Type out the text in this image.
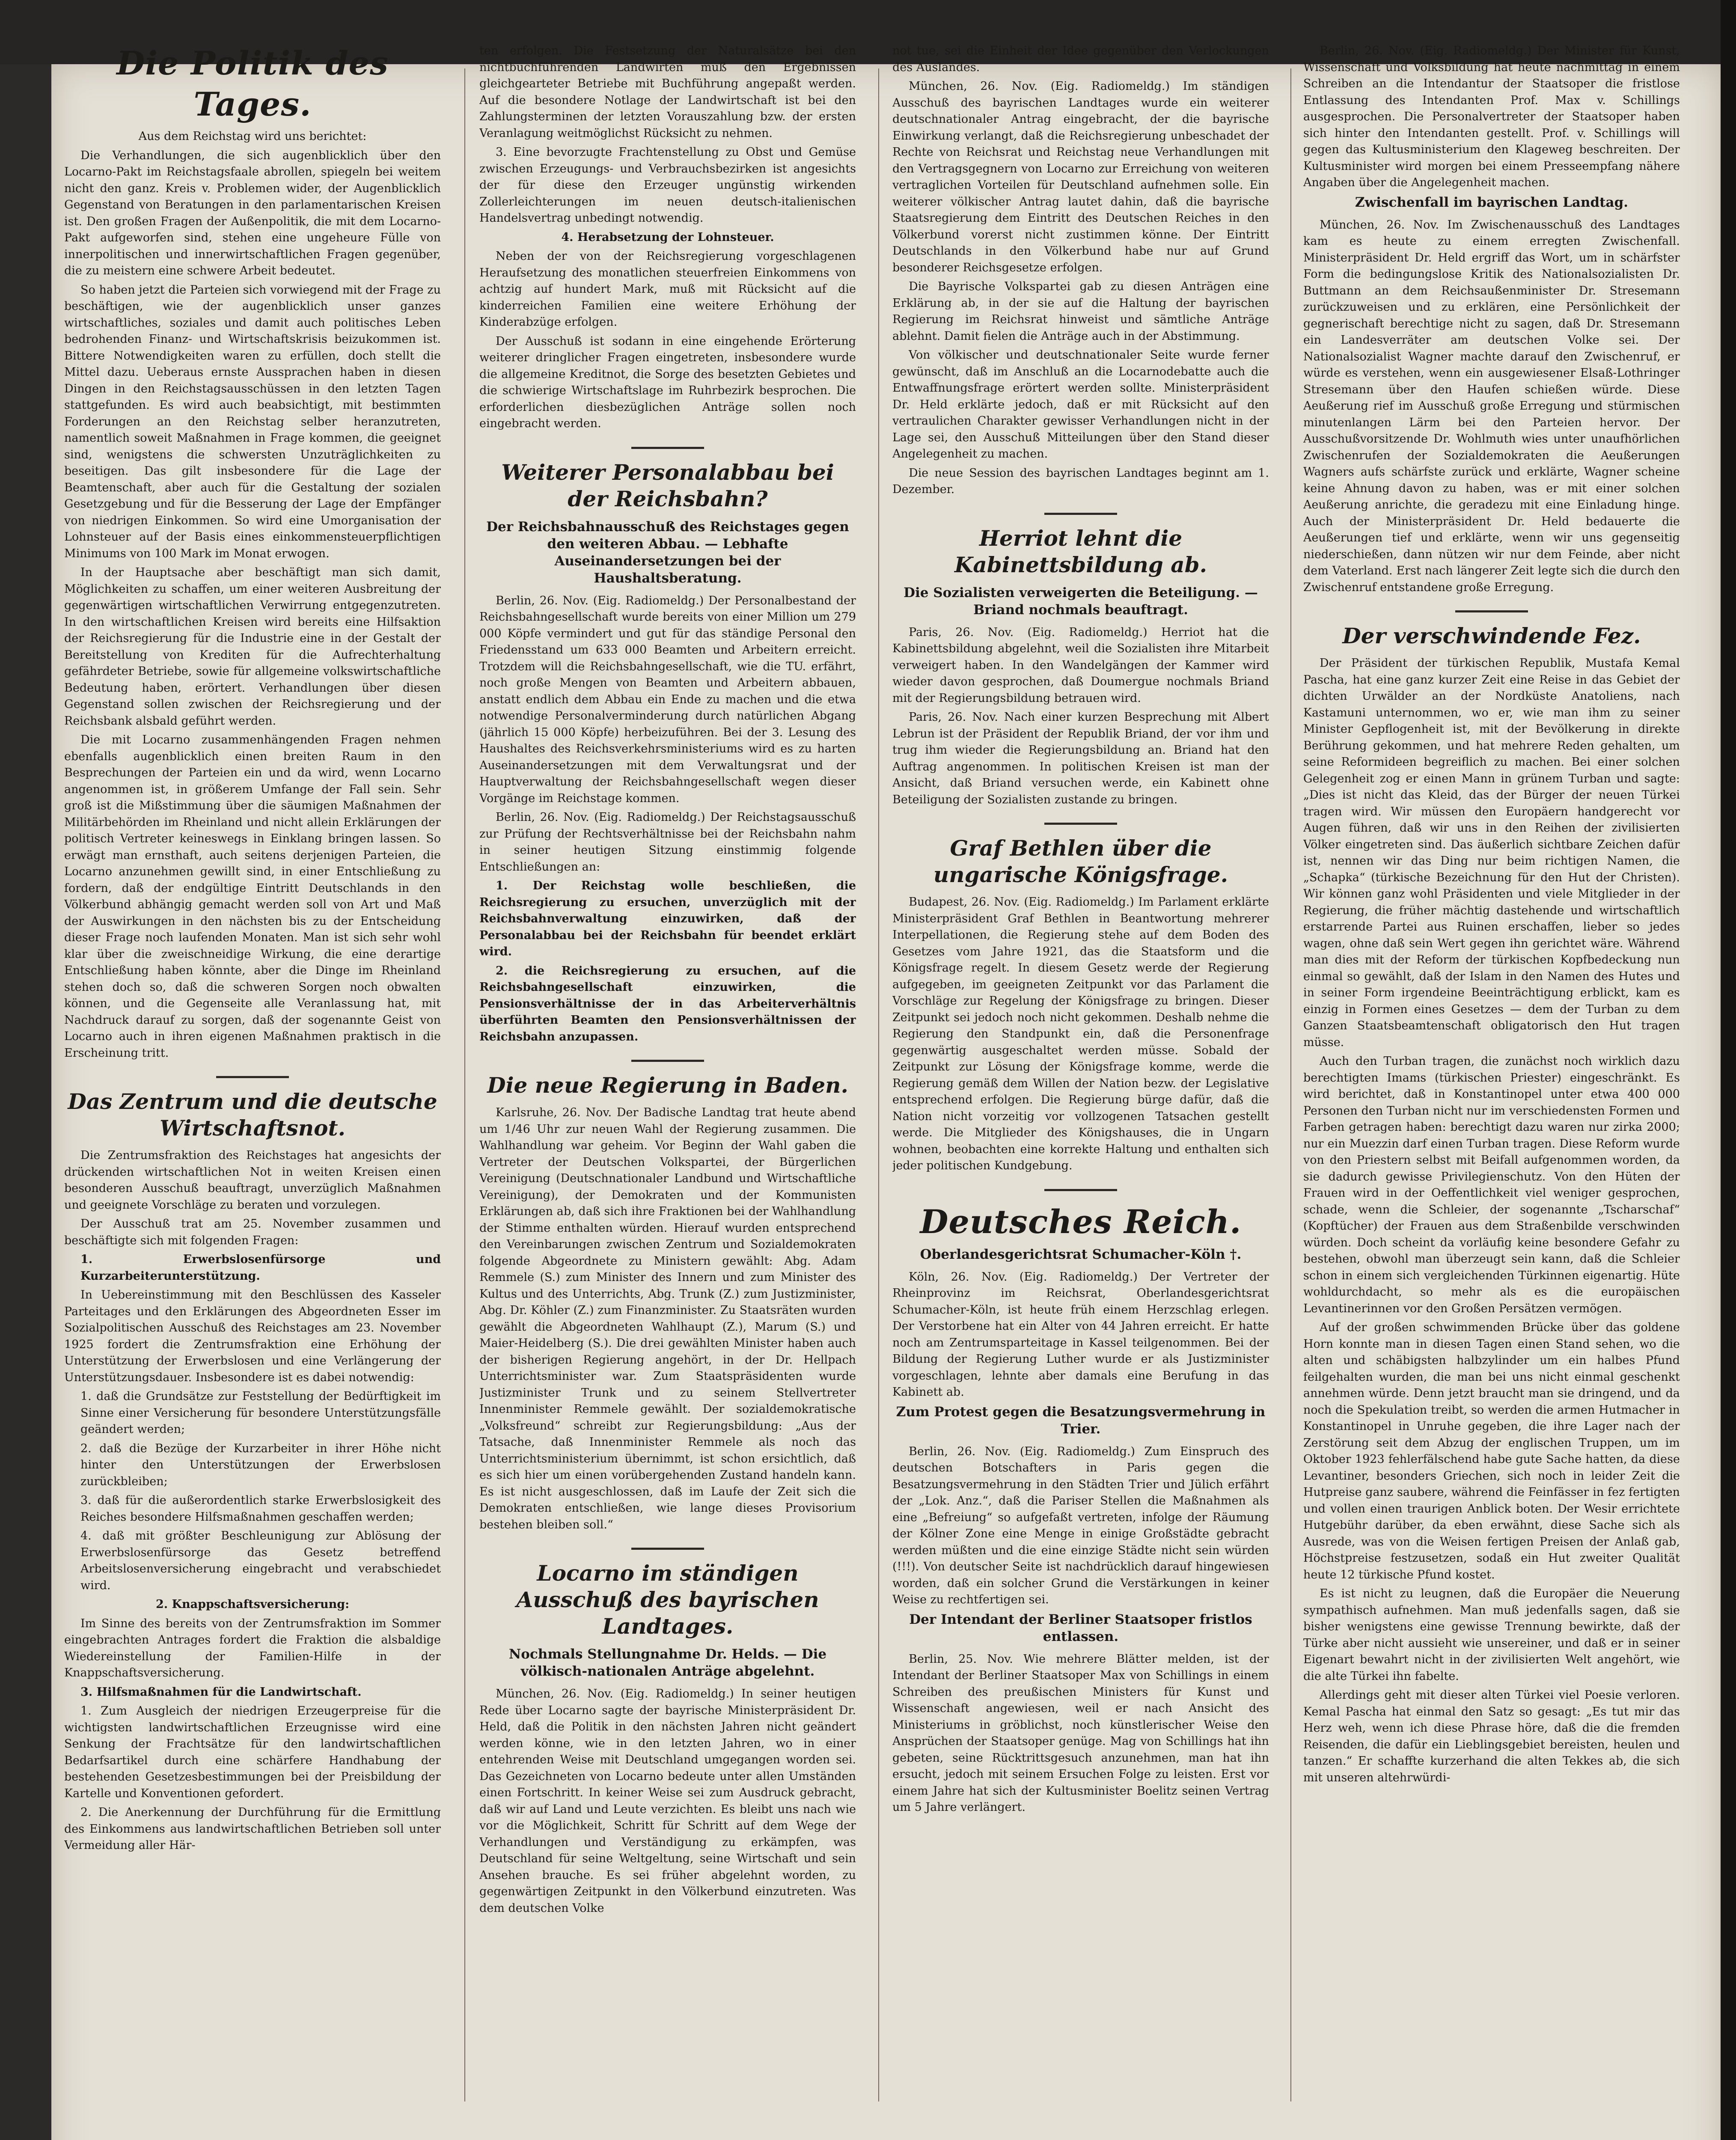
Die Politik des Tages.

Aus dem Reichstag wird uns berichtet:

Die Verhandlungen, die sich augenblicklich über den Locarno-Pakt im Reichstagsfaale abrollen, spiegeln bei weitem nicht den ganz. Kreis v. Problemen wider, der Augenblicklich Gegenstand von Beratungen in den parlamentarischen Kreisen ist. Den großen Fragen der Außenpolitik, die mit dem Locarno-Pakt aufgeworfen sind, stehen eine ungeheure Fülle von innerpolitischen und innerwirtschaftlichen Fragen gegenüber, die zu meistern eine schwere Arbeit bedeutet.

So haben jetzt die Parteien sich vorwiegend mit der Frage zu beschäftigen, wie der augenblicklich unser ganzes wirtschaftliches, soziales und damit auch politisches Leben bedrohenden Finanz- und Wirtschaftskrisis beizukommen ist. Bittere Notwendigkeiten waren zu erfüllen, doch stellt die Mittel dazu. Ueberaus ernste Aussprachen haben in diesen Dingen in den Reichstagsausschüssen in den letzten Tagen stattgefunden. Es wird auch beabsichtigt, mit bestimmten Forderungen an den Reichstag selber heranzutreten, namentlich soweit Maßnahmen in Frage kommen, die geeignet sind, wenigstens die schwersten Unzuträglichkeiten zu beseitigen. Das gilt insbesondere für die Lage der Beamtenschaft, aber auch für die Gestaltung der sozialen Gesetzgebung und für die Besserung der Lage der Empfänger von niedrigen Einkommen. So wird eine Umorganisation der Lohnsteuer auf der Basis eines einkommensteuerpflichtigen Minimums von 100 Mark im Monat erwogen.

In der Hauptsache aber beschäftigt man sich damit, Möglichkeiten zu schaffen, um einer weiteren Ausbreitung der gegenwärtigen wirtschaftlichen Verwirrung entgegenzutreten. In den wirtschaftlichen Kreisen wird bereits eine Hilfsaktion der Reichsregierung für die Industrie eine in der Gestalt der Bereitstellung von Krediten für die Aufrechterhaltung gefährdeter Betriebe, sowie für allgemeine volkswirtschaftliche Bedeutung haben, erörtert. Verhandlungen über diesen Gegenstand sollen zwischen der Reichsregierung und der Reichsbank alsbald geführt werden.

Die mit Locarno zusammenhängenden Fragen nehmen ebenfalls augenblicklich einen breiten Raum in den Besprechungen der Parteien ein und da wird, wenn Locarno angenommen ist, in größerem Umfange der Fall sein. Sehr groß ist die Mißstimmung über die säumigen Maßnahmen der Militärbehörden im Rheinland und nicht allein Erklärungen der politisch Vertreter keineswegs in Einklang bringen lassen. So erwägt man ernsthaft, auch seitens derjenigen Parteien, die Locarno anzunehmen gewillt sind, in einer Entschließung zu fordern, daß der endgültige Eintritt Deutschlands in den Völkerbund abhängig gemacht werden soll von Art und Maß der Auswirkungen in den nächsten bis zu der Entscheidung dieser Frage noch laufenden Monaten. Man ist sich sehr wohl klar über die zweischneidige Wirkung, die eine derartige Entschließung haben könnte, aber die Dinge im Rheinland stehen doch so, daß die schweren Sorgen noch obwalten können, und die Gegenseite alle Veranlassung hat, mit Nachdruck darauf zu sorgen, daß der sogenannte Geist von Locarno auch in ihren eigenen Maßnahmen praktisch in die Erscheinung tritt.

Das Zentrum und die deutsche Wirtschaftsnot.

Die Zentrumsfraktion des Reichstages hat angesichts der drückenden wirtschaftlichen Not in weiten Kreisen einen besonderen Ausschuß beauftragt, unverzüglich Maßnahmen und geeignete Vorschläge zu beraten und vorzulegen.

Der Ausschuß trat am 25. November zusammen und beschäftigte sich mit folgenden Fragen:

1. Erwerbslosenfürsorge und Kurzarbeiterunterstützung.

In Uebereinstimmung mit den Beschlüssen des Kasseler Parteitages und den Erklärungen des Abgeordneten Esser im Sozialpolitischen Ausschuß des Reichstages am 23. November 1925 fordert die Zentrumsfraktion eine Erhöhung der Unterstützung der Erwerbslosen und eine Verlängerung der Unterstützungsdauer. Insbesondere ist es dabei notwendig:

1. daß die Grundsätze zur Feststellung der Bedürftigkeit im Sinne einer Versicherung für besondere Unterstützungsfälle geändert werden;

2. daß die Bezüge der Kurzarbeiter in ihrer Höhe nicht hinter den Unterstützungen der Erwerbslosen zurückbleiben;

3. daß für die außerordentlich starke Erwerbslosigkeit des Reiches besondere Hilfsmaßnahmen geschaffen werden;

4. daß mit größter Beschleunigung zur Ablösung der Erwerbslosenfürsorge das Gesetz betreffend Arbeitslosenversicherung eingebracht und verabschiedet wird.

2. Knappschaftsversicherung:

Im Sinne des bereits von der Zentrumsfraktion im Sommer eingebrachten Antrages fordert die Fraktion die alsbaldige Wiedereinstellung der Familien-Hilfe in der Knappschaftsversicherung.

3. Hilfsmaßnahmen für die Landwirtschaft.

1. Zum Ausgleich der niedrigen Erzeugerpreise für die wichtigsten landwirtschaftlichen Erzeugnisse wird eine Senkung der Frachtsätze für den landwirtschaftlichen Bedarfsartikel durch eine schärfere Handhabung der bestehenden Gesetzesbestimmungen bei der Preisbildung der Kartelle und Konventionen gefordert.

2. Die Anerkennung der Durchführung für die Ermittlung des Einkommens aus landwirtschaftlichen Betrieben soll unter Vermeidung aller Här-

ten erfolgen. Die Festsetzung der Naturalsätze bei den nichtbuchführenden Landwirten muß den Ergebnissen gleichgearteter Betriebe mit Buchführung angepaßt werden. Auf die besondere Notlage der Landwirtschaft ist bei den Zahlungsterminen der letzten Vorauszahlung bzw. der ersten Veranlagung weitmöglichst Rücksicht zu nehmen.

3. Eine bevorzugte Frachtenstellung zu Obst und Gemüse zwischen Erzeugungs- und Verbrauchsbezirken ist angesichts der für diese den Erzeuger ungünstig wirkenden Zollerleichterungen im neuen deutsch-italienischen Handelsvertrag unbedingt notwendig.

4. Herabsetzung der Lohnsteuer.

Neben der von der Reichsregierung vorgeschlagenen Heraufsetzung des monatlichen steuerfreien Einkommens von achtzig auf hundert Mark, muß mit Rücksicht auf die kinderreichen Familien eine weitere Erhöhung der Kinderabzüge erfolgen.

Der Ausschuß ist sodann in eine eingehende Erörterung weiterer dringlicher Fragen eingetreten, insbesondere wurde die allgemeine Kreditnot, die Sorge des besetzten Gebietes und die schwierige Wirtschaftslage im Ruhrbezirk besprochen. Die erforderlichen diesbezüglichen Anträge sollen noch eingebracht werden.

Weiterer Personalabbau bei der Reichsbahn?
Der Reichsbahnausschuß des Reichstages gegen den weiteren Abbau. — Lebhafte Auseinandersetzungen bei der Haushaltsberatung.

Berlin, 26. Nov. (Eig. Radiomeldg.) Der Personalbestand der Reichsbahngesellschaft wurde bereits von einer Million um 279 000 Köpfe vermindert und gut für das ständige Personal den Friedensstand um 633 000 Beamten und Arbeitern erreicht. Trotzdem will die Reichsbahngesellschaft, wie die TU. erfährt, noch große Mengen von Beamten und Arbeitern abbauen, anstatt endlich dem Abbau ein Ende zu machen und die etwa notwendige Personalverminderung durch natürlichen Abgang (jährlich 15 000 Köpfe) herbeizuführen. Bei der 3. Lesung des Haushaltes des Reichsverkehrsministeriums wird es zu harten Auseinandersetzungen mit dem Verwaltungsrat und der Hauptverwaltung der Reichsbahngesellschaft wegen dieser Vorgänge im Reichstage kommen.

Berlin, 26. Nov. (Eig. Radiomeldg.) Der Reichstagsausschuß zur Prüfung der Rechtsverhältnisse bei der Reichsbahn nahm in seiner heutigen Sitzung einstimmig folgende Entschließungen an:

1. Der Reichstag wolle beschließen, die Reichsregierung zu ersuchen, unverzüglich mit der Reichsbahnverwaltung einzuwirken, daß der Personalabbau bei der Reichsbahn für beendet erklärt wird.

2. die Reichsregierung zu ersuchen, auf die Reichsbahngesellschaft einzuwirken, die Pensionsverhältnisse der in das Arbeiterverhältnis überführten Beamten den Pensionsverhältnissen der Reichsbahn anzupassen.

Die neue Regierung in Baden.

Karlsruhe, 26. Nov. Der Badische Landtag trat heute abend um 1/46 Uhr zur neuen Wahl der Regierung zusammen. Die Wahlhandlung war geheim. Vor Beginn der Wahl gaben die Vertreter der Deutschen Volkspartei, der Bürgerlichen Vereinigung (Deutschnationaler Landbund und Wirtschaftliche Vereinigung), der Demokraten und der Kommunisten Erklärungen ab, daß sich ihre Fraktionen bei der Wahlhandlung der Stimme enthalten würden. Hierauf wurden entsprechend den Vereinbarungen zwischen Zentrum und Sozialdemokraten folgende Abgeordnete zu Ministern gewählt: Abg. Adam Remmele (S.) zum Minister des Innern und zum Minister des Kultus und des Unterrichts, Abg. Trunk (Z.) zum Justizminister, Abg. Dr. Köhler (Z.) zum Finanzminister. Zu Staatsräten wurden gewählt die Abgeordneten Wahlhaupt (Z.), Marum (S.) und Maier-Heidelberg (S.). Die drei gewählten Minister haben auch der bisherigen Regierung angehört, in der Dr. Hellpach Unterrichtsminister war. Zum Staatspräsidenten wurde Justizminister Trunk und zu seinem Stellvertreter Innenminister Remmele gewählt. Der sozialdemokratische „Volksfreund“ schreibt zur Regierungsbildung: „Aus der Tatsache, daß Innenminister Remmele als noch das Unterrichtsministerium übernimmt, ist schon ersichtlich, daß es sich hier um einen vorübergehenden Zustand handeln kann. Es ist nicht ausgeschlossen, daß im Laufe der Zeit sich die Demokraten entschließen, wie lange dieses Provisorium bestehen bleiben soll.“

Locarno im ständigen Ausschuß des bayrischen Landtages.
Nochmals Stellungnahme Dr. Helds. — Die völkisch-nationalen Anträge abgelehnt.

München, 26. Nov. (Eig. Radiomeldg.) In seiner heutigen Rede über Locarno sagte der bayrische Ministerpräsident Dr. Held, daß die Politik in den nächsten Jahren nicht geändert werden könne, wie in den letzten Jahren, wo in einer entehrenden Weise mit Deutschland umgegangen worden sei. Das Gezeichneten von Locarno bedeute unter allen Umständen einen Fortschritt. In keiner Weise sei zum Ausdruck gebracht, daß wir auf Land und Leute verzichten. Es bleibt uns nach wie vor die Möglichkeit, Schritt für Schritt auf dem Wege der Verhandlungen und Verständigung zu erkämpfen, was Deutschland für seine Weltgeltung, seine Wirtschaft und sein Ansehen brauche. Es sei früher abgelehnt worden, zu gegenwärtigen Zeitpunkt in den Völkerbund einzutreten. Was dem deutschen Volke

not tue, sei die Einheit der Idee gegenüber den Verlockungen des Auslandes.

München, 26. Nov. (Eig. Radiomeldg.) Im ständigen Ausschuß des bayrischen Landtages wurde ein weiterer deutschnationaler Antrag eingebracht, der die bayrische Einwirkung verlangt, daß die Reichsregierung unbeschadet der Rechte von Reichsrat und Reichstag neue Verhandlungen mit den Vertragsgegnern von Locarno zur Erreichung von weiteren vertraglichen Vorteilen für Deutschland aufnehmen solle. Ein weiterer völkischer Antrag lautet dahin, daß die bayrische Staatsregierung dem Eintritt des Deutschen Reiches in den Völkerbund vorerst nicht zustimmen könne. Der Eintritt Deutschlands in den Völkerbund habe nur auf Grund besonderer Reichsgesetze erfolgen.

Die Bayrische Volkspartei gab zu diesen Anträgen eine Erklärung ab, in der sie auf die Haltung der bayrischen Regierung im Reichsrat hinweist und sämtliche Anträge ablehnt. Damit fielen die Anträge auch in der Abstimmung.

Von völkischer und deutschnationaler Seite wurde ferner gewünscht, daß im Anschluß an die Locarnodebatte auch die Entwaffnungsfrage erörtert werden sollte. Ministerpräsident Dr. Held erklärte jedoch, daß er mit Rücksicht auf den vertraulichen Charakter gewisser Verhandlungen nicht in der Lage sei, den Ausschuß Mitteilungen über den Stand dieser Angelegenheit zu machen.

Die neue Session des bayrischen Landtages beginnt am 1. Dezember.

Herriot lehnt die Kabinettsbildung ab.
Die Sozialisten verweigerten die Beteiligung. — Briand nochmals beauftragt.

Paris, 26. Nov. (Eig. Radiomeldg.) Herriot hat die Kabinettsbildung abgelehnt, weil die Sozialisten ihre Mitarbeit verweigert haben. In den Wandelgängen der Kammer wird wieder davon gesprochen, daß Doumergue nochmals Briand mit der Regierungsbildung betrauen wird.

Paris, 26. Nov. Nach einer kurzen Besprechung mit Albert Lebrun ist der Präsident der Republik Briand, der vor ihm und trug ihm wieder die Regierungsbildung an. Briand hat den Auftrag angenommen. In politischen Kreisen ist man der Ansicht, daß Briand versuchen werde, ein Kabinett ohne Beteiligung der Sozialisten zustande zu bringen.

Graf Bethlen über die ungarische Königsfrage.

Budapest, 26. Nov. (Eig. Radiomeldg.) Im Parlament erklärte Ministerpräsident Graf Bethlen in Beantwortung mehrerer Interpellationen, die Regierung stehe auf dem Boden des Gesetzes vom Jahre 1921, das die Staatsform und die Königsfrage regelt. In diesem Gesetz werde der Regierung aufgegeben, im geeigneten Zeitpunkt vor das Parlament die Vorschläge zur Regelung der Königsfrage zu bringen. Dieser Zeitpunkt sei jedoch noch nicht gekommen. Deshalb nehme die Regierung den Standpunkt ein, daß die Personenfrage gegenwärtig ausgeschaltet werden müsse. Sobald der Zeitpunkt zur Lösung der Königsfrage komme, werde die Regierung gemäß dem Willen der Nation bezw. der Legislative entsprechend erfolgen. Die Regierung bürge dafür, daß die Nation nicht vorzeitig vor vollzogenen Tatsachen gestellt werde. Die Mitglieder des Königshauses, die in Ungarn wohnen, beobachten eine korrekte Haltung und enthalten sich jeder politischen Kundgebung.

Deutsches Reich.
Oberlandesgerichtsrat Schumacher-Köln †.

Köln, 26. Nov. (Eig. Radiomeldg.) Der Vertreter der Rheinprovinz im Reichsrat, Oberlandesgerichtsrat Schumacher-Köln, ist heute früh einem Herzschlag erlegen. Der Verstorbene hat ein Alter von 44 Jahren erreicht. Er hatte noch am Zentrumsparteitage in Kassel teilgenommen. Bei der Bildung der Regierung Luther wurde er als Justizminister vorgeschlagen, lehnte aber damals eine Berufung in das Kabinett ab.

Zum Protest gegen die Besatzungsvermehrung in Trier.

Berlin, 26. Nov. (Eig. Radiomeldg.) Zum Einspruch des deutschen Botschafters in Paris gegen die Besatzungsvermehrung in den Städten Trier und Jülich erfährt der „Lok. Anz.“, daß die Pariser Stellen die Maßnahmen als eine „Befreiung“ so aufgefaßt vertreten, infolge der Räumung der Kölner Zone eine Menge in einige Großstädte gebracht werden müßten und die eine einzige Städte nicht sein würden (!!!). Von deutscher Seite ist nachdrücklich darauf hingewiesen worden, daß ein solcher Grund die Verstärkungen in keiner Weise zu rechtfertigen sei.

Der Intendant der Berliner Staatsoper fristlos entlassen.

Berlin, 25. Nov. Wie mehrere Blätter melden, ist der Intendant der Berliner Staatsoper Max von Schillings in einem Schreiben des preußischen Ministers für Kunst und Wissenschaft angewiesen, weil er nach Ansicht des Ministeriums in gröblichst, noch künstlerischer Weise den Ansprüchen der Staatsoper genüge. Mag von Schillings hat ihn gebeten, seine Rücktrittsgesuch anzunehmen, man hat ihn ersucht, jedoch mit seinem Ersuchen Folge zu leisten. Erst vor einem Jahre hat sich der Kultusminister Boelitz seinen Vertrag um 5 Jahre verlängert.

Berlin, 26. Nov. (Eig. Radiomeldg.) Der Minister für Kunst, Wissenschaft und Volksbildung hat heute nachmittag in einem Schreiben an die Intendantur der Staatsoper die fristlose Entlassung des Intendanten Prof. Max v. Schillings ausgesprochen. Die Personalvertreter der Staatsoper haben sich hinter den Intendanten gestellt. Prof. v. Schillings will gegen das Kultusministerium den Klageweg beschreiten. Der Kultusminister wird morgen bei einem Presseempfang nähere Angaben über die Angelegenheit machen.

Zwischenfall im bayrischen Landtag.

München, 26. Nov. Im Zwischenausschuß des Landtages kam es heute zu einem erregten Zwischenfall. Ministerpräsident Dr. Held ergriff das Wort, um in schärfster Form die bedingungslose Kritik des Nationalsozialisten Dr. Buttmann an dem Reichsaußenminister Dr. Stresemann zurückzuweisen und zu erklären, eine Persönlichkeit der gegnerischaft berechtige nicht zu sagen, daß Dr. Stresemann ein Landesverräter am deutschen Volke sei. Der Nationalsozialist Wagner machte darauf den Zwischenruf, er würde es verstehen, wenn ein ausgewiesener Elsaß-Lothringer Stresemann über den Haufen schießen würde. Diese Aeußerung rief im Ausschuß große Erregung und stürmischen minutenlangen Lärm bei den Parteien hervor. Der Ausschußvorsitzende Dr. Wohlmuth wies unter unaufhörlichen Zwischenrufen der Sozialdemokraten die Aeußerungen Wagners aufs schärfste zurück und erklärte, Wagner scheine keine Ahnung davon zu haben, was er mit einer solchen Aeußerung anrichte, die geradezu mit eine Einladung hinge. Auch der Ministerpräsident Dr. Held bedauerte die Aeußerungen tief und erklärte, wenn wir uns gegenseitig niederschießen, dann nützen wir nur dem Feinde, aber nicht dem Vaterland. Erst nach längerer Zeit legte sich die durch den Zwischenruf entstandene große Erregung.

Der verschwindende Fez.

Der Präsident der türkischen Republik, Mustafa Kemal Pascha, hat eine ganz kurzer Zeit eine Reise in das Gebiet der dichten Urwälder an der Nordküste Anatoliens, nach Kastamuni unternommen, wo er, wie man ihm zu seiner Minister Gepflogenheit ist, mit der Bevölkerung in direkte Berührung gekommen, und hat mehrere Reden gehalten, um seine Reformideen begreiflich zu machen. Bei einer solchen Gelegenheit zog er einen Mann in grünem Turban und sagte: „Dies ist nicht das Kleid, das der Bürger der neuen Türkei tragen wird. Wir müssen den Europäern handgerecht vor Augen führen, daß wir uns in den Reihen der zivilisierten Völker eingetreten sind. Das äußerlich sichtbare Zeichen dafür ist, nennen wir das Ding nur beim richtigen Namen, die „Schapka“ (türkische Bezeichnung für den Hut der Christen). Wir können ganz wohl Präsidenten und viele Mitglieder in der Regierung, die früher mächtig dastehende und wirtschaftlich erstarrende Partei aus Ruinen erschaffen, lieber so jedes wagen, ohne daß sein Wert gegen ihn gerichtet wäre. Während man dies mit der Reform der türkischen Kopfbedeckung nun einmal so gewählt, daß der Islam in den Namen des Hutes und in seiner Form irgendeine Beeinträchtigung erblickt, kam es einzig in Formen eines Gesetzes — dem der Turban zu dem Ganzen Staatsbeamtenschaft obligatorisch den Hut tragen müsse.

Auch den Turban tragen, die zunächst noch wirklich dazu berechtigten Imams (türkischen Priester) eingeschränkt. Es wird berichtet, daß in Konstantinopel unter etwa 400 000 Personen den Turban nicht nur im verschiedensten Formen und Farben getragen haben: berechtigt dazu waren nur zirka 2000; nur ein Muezzin darf einen Turban tragen. Diese Reform wurde von den Priestern selbst mit Beifall aufgenommen worden, da sie dadurch gewisse Privilegienschutz. Von den Hüten der Frauen wird in der Oeffentlichkeit viel weniger gesprochen, schade, wenn die Schleier, der sogenannte „Tscharschaf“ (Kopftücher) der Frauen aus dem Straßenbilde verschwinden würden. Doch scheint da vorläufig keine besondere Gefahr zu bestehen, obwohl man überzeugt sein kann, daß die Schleier schon in einem sich vergleichenden Türkinnen eigenartig. Hüte wohldurchdacht, so mehr als es die europäischen Levantinerinnen vor den Großen Persätzen vermögen.

Auf der großen schwimmenden Brücke über das goldene Horn konnte man in diesen Tagen einen Stand sehen, wo die alten und schäbigsten halbzylinder um ein halbes Pfund feilgehalten wurden, die man bei uns nicht einmal geschenkt annehmen würde. Denn jetzt braucht man sie dringend, und da noch die Spekulation treibt, so werden die armen Hutmacher in Konstantinopel in Unruhe gegeben, die ihre Lager nach der Zerstörung seit dem Abzug der englischen Truppen, um im Oktober 1923 fehlerfälschend habe gute Sache hatten, da diese Levantiner, besonders Griechen, sich noch in leider Zeit die Hutpreise ganz saubere, während die Feinfässer in fez fertigten und vollen einen traurigen Anblick boten. Der Wesir errichtete Hutgebühr darüber, da eben erwähnt, diese Sache sich als Ausrede, was von die Weisen fertigen Preisen der Anlaß gab, Höchstpreise festzusetzen, sodaß ein Hut zweiter Qualität heute 12 türkische Pfund kostet.

Es ist nicht zu leugnen, daß die Europäer die Neuerung sympathisch aufnehmen. Man muß jedenfalls sagen, daß sie bisher wenigstens eine gewisse Trennung bewirkte, daß der Türke aber nicht aussieht wie unsereiner, und daß er in seiner Eigenart bewahrt nicht in der zivilisierten Welt angehört, wie die alte Türkei ihn fabelte.

Allerdings geht mit dieser alten Türkei viel Poesie verloren. Kemal Pascha hat einmal den Satz so gesagt: „Es tut mir das Herz weh, wenn ich diese Phrase höre, daß die die fremden Reisenden, die dafür ein Lieblingsgebiet bereisten, heulen und tanzen.“ Er schaffte kurzerhand die alten Tekkes ab, die sich mit unseren altehrwürdi-
